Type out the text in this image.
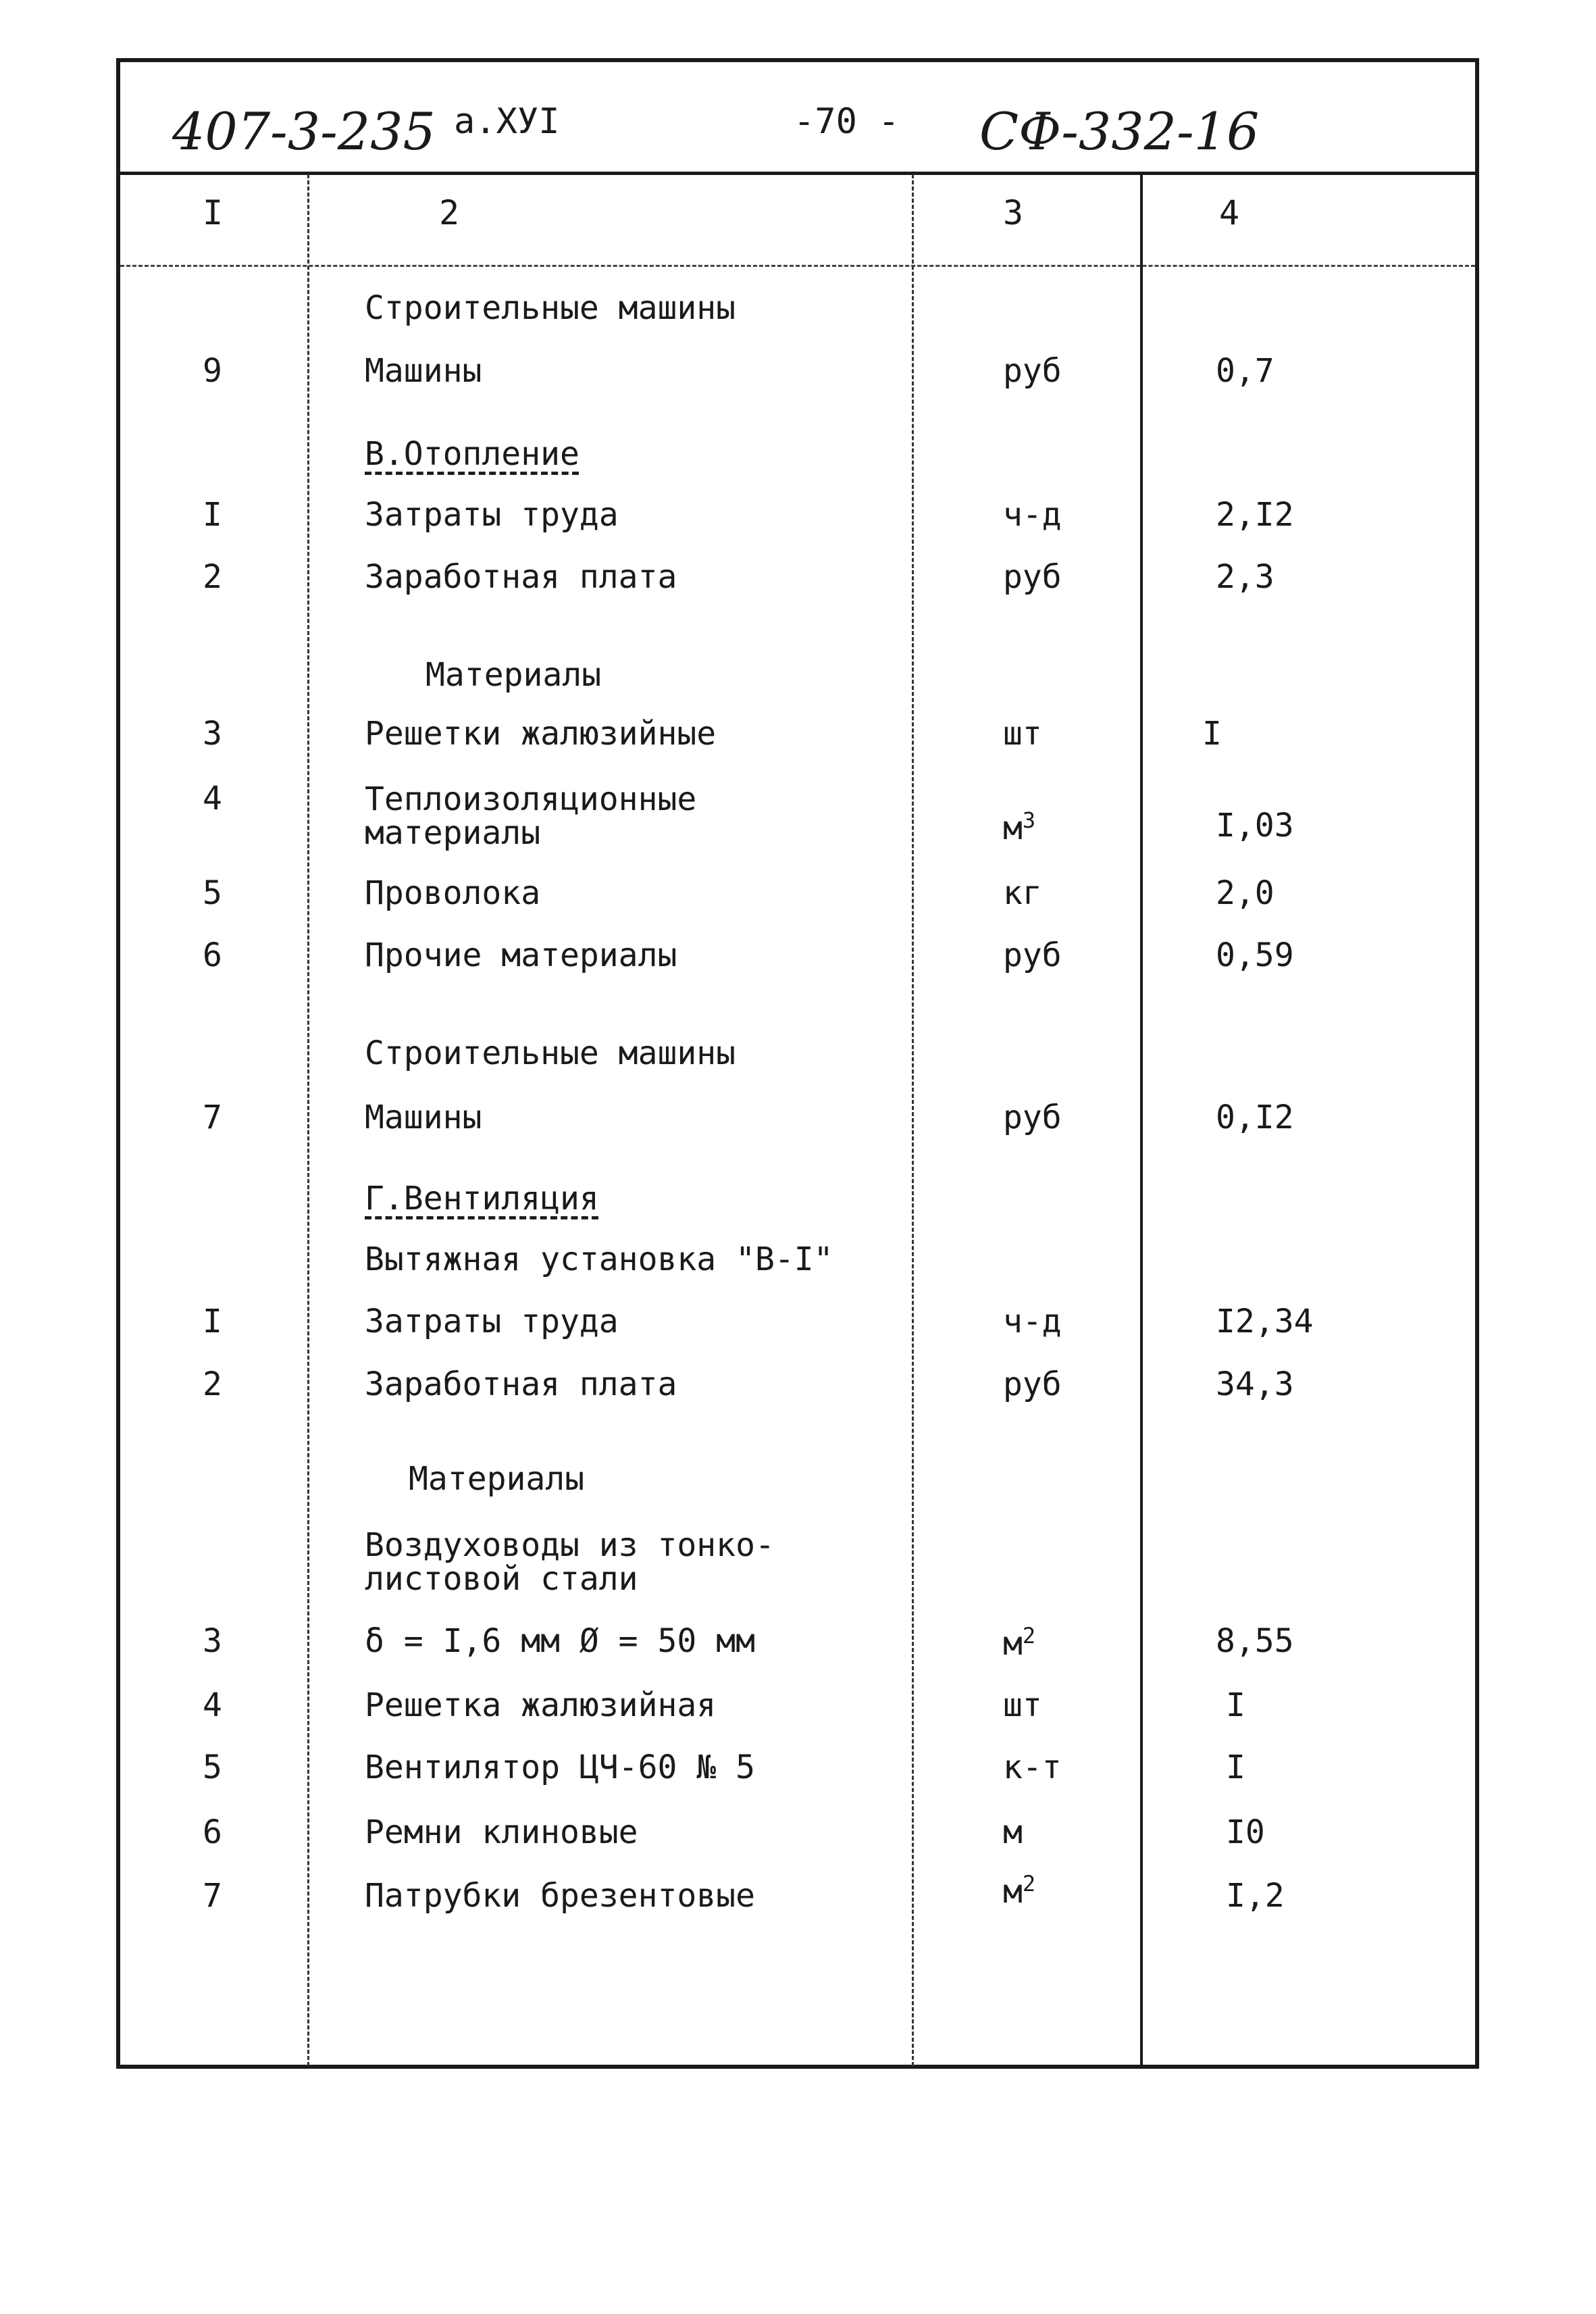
407-3-235 а.ХУI	-70 - СФ-332-16
I	2	3	4
Строительные машины
9	Машины	руб	0,7
В.Отопление
I	Затраты труда	ч-д	2,I2
2	Заработная плата	руб	2,3
Материалы
3	Решетки жалюзийные	шт	I
4	Теплоизоляционные материалы	$м^3$	I,03
5	Проволока	кг	2,0
6	Прочие материалы	руб	0,59
Строительные машины
7	Машины	руб	0,I2
Г.Вентиляция
Вытяжная установка "В-I"
I	Затраты труда	ч-д	I2,34
2	Заработная плата	руб	34,3
Материалы
Воздуховоды из тонко-листовой стали
3	δ = I,6 мм Ø = 50 мм	$м^2$	8,55
4	Решетка жалюзийная	шт	I
5	Вентилятор ЦЧ-60 № 5	к-т	I
6	Ремни клиновые	м	I0
7	Патрубки брезентовые	$м^2$	I,2
